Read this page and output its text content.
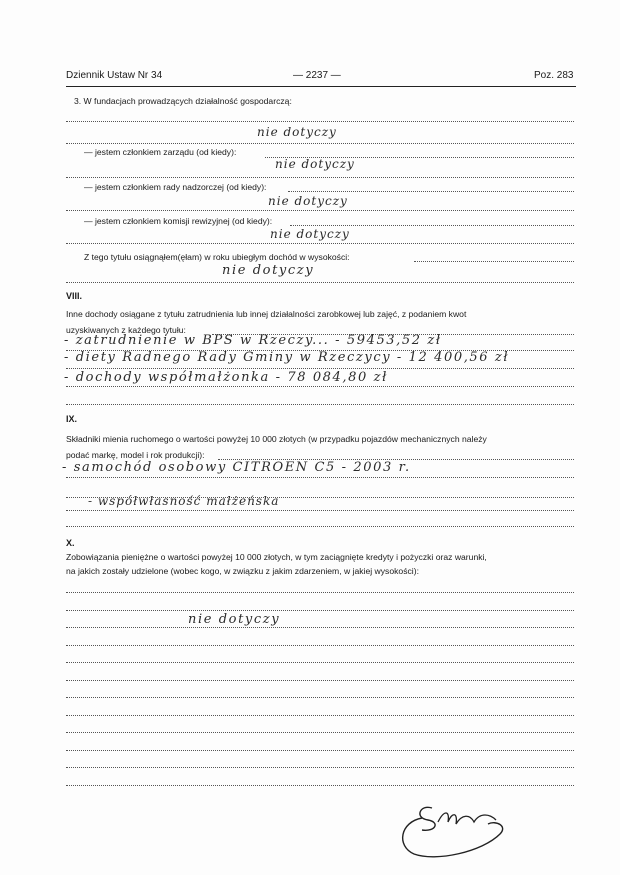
Dziennik Ustaw Nr 34	— 2237 —	Poz. 283
3. W fundacjach prowadzących działalność gospodarczą:
nie dotyczy
— jestem członkiem zarządu (od kiedy):
nie dotyczy
— jestem członkiem rady nadzorczej (od kiedy):
nie dotyczy
— jestem członkiem komisji rewizyjnej (od kiedy):
nie dotyczy
Z tego tytułu osiągnąłem(ęłam) w roku ubiegłym dochód w wysokości:
nie dotyczy
VIII.
Inne dochody osiągane z tytułu zatrudnienia lub innej działalności zarobkowej lub zajęć, z podaniem kwot
uzyskiwanych z każdego tytułu:
- zatrudnienie w BPS w Rzeczy... - 59453,52 zł
- diety Radnego Rady Gminy w Rzeczycy - 12 400,56 zł
- dochody współmałżonka - 78 084,80 zł
IX.
Składniki mienia ruchomego o wartości powyżej 10 000 złotych (w przypadku pojazdów mechanicznych należy
podać markę, model i rok produkcji):
- samochód osobowy CITROEN C5 - 2003 r.
- współwłasność małżeńska
X.
Zobowiązania pieniężne o wartości powyżej 10 000 złotych, w tym zaciągnięte kredyty i pożyczki oraz warunki,
na jakich zostały udzielone (wobec kogo, w związku z jakim zdarzeniem, w jakiej wysokości):
nie dotyczy
